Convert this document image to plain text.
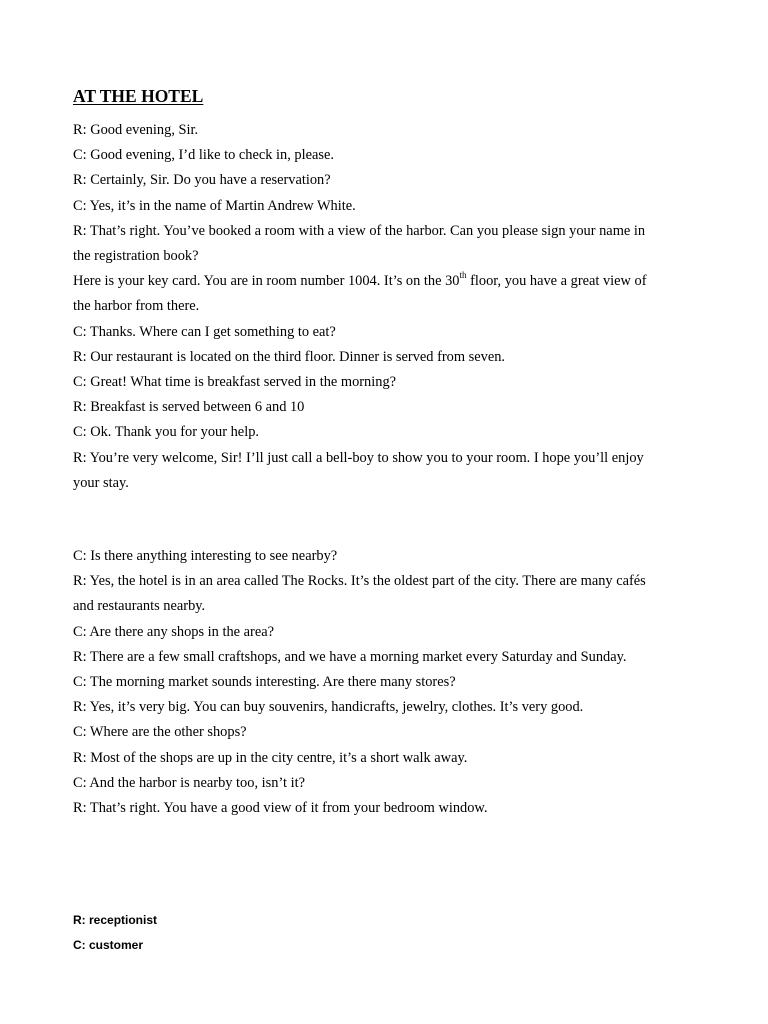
AT THE HOTEL
R: Good evening, Sir.
C: Good evening, I’d like to check in, please.
R: Certainly, Sir. Do you have a reservation?
C: Yes, it’s in the name of Martin Andrew White.
R: That’s right. You’ve booked a room with a view of the harbor. Can you please sign your name in
the registration book?
Here is your key card. You are in room number 1004. It’s on the 30th floor, you have a great view of
the harbor from there.
C: Thanks. Where can I get something to eat?
R: Our restaurant is located on the third floor. Dinner is served from seven.
C: Great! What time is breakfast served in the morning?
R: Breakfast is served between 6 and 10
C: Ok. Thank you for your help.
R: You’re very welcome, Sir! I’ll just call a bell-boy to show you to your room. I hope you’ll enjoy
your stay.
C: Is there anything interesting to see nearby?
R: Yes, the hotel is in an area called The Rocks. It’s the oldest part of the city. There are many cafés
and restaurants nearby.
C: Are there any shops in the area?
R: There are a few small craftshops, and we have a morning market every Saturday and Sunday.
C: The morning market sounds interesting. Are there many stores?
R: Yes, it’s very big. You can buy souvenirs, handicrafts, jewelry, clothes. It’s very good.
C: Where are the other shops?
R: Most of the shops are up in the city centre, it’s a short walk away.
C: And the harbor is nearby too, isn’t it?
R: That’s right. You have a good view of it from your bedroom window.
R: receptionist
C: customer
